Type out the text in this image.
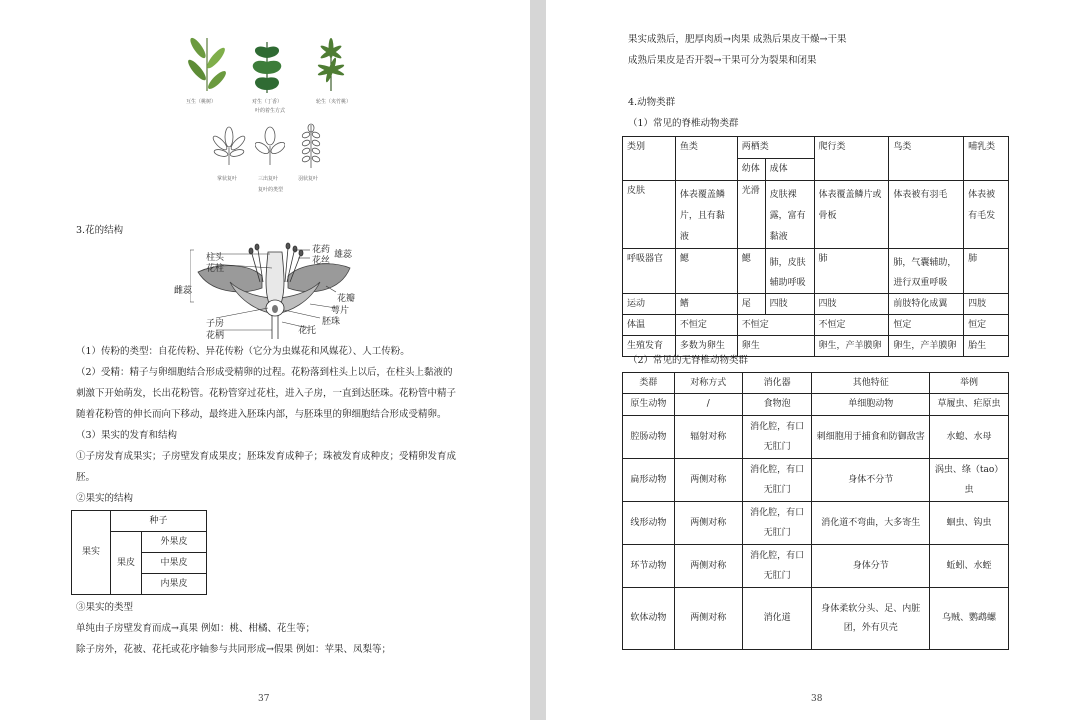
互生（桃树）	对生（丁香）	轮生（夹竹桃）
叶的着生方式
掌状复叶	三出复叶	羽状复叶
复叶的类型
3.花的结构
柱头
花柱
雌蕊
花药
花丝
雄蕊
花瓣
萼片
胚珠
花托
子房
花柄
（1）传粉的类型：自花传粉、异花传粉（它分为虫媒花和风媒花）、人工传粉。
（2）受精：精子与卵细胞结合形成受精卵的过程。花粉落到柱头上以后，在柱头上黏液的
刺激下开始萌发，长出花粉管。花粉管穿过花柱，进入子房，一直到达胚珠。花粉管中精子
随着花粉管的伸长而向下移动，最终进入胚珠内部，与胚珠里的卵细胞结合形成受精卵。
（3）果实的发育和结构
①子房发育成果实；子房壁发育成果皮；胚珠发育成种子；珠被发育成种皮；受精卵发育成
胚。
②果实的结构
果实	种子	
	果皮	外果皮
		中果皮
		内果皮
③果实的类型
单纯由子房壁发育而成→真果 例如：桃、柑橘、花生等；
除子房外，花被、花托或花序轴参与共同形成→假果 例如：苹果、凤梨等；
37
果实成熟后，肥厚肉质→肉果 成熟后果皮干燥→干果
成熟后果皮是否开裂→干果可分为裂果和闭果
4.动物类群
（1）常见的脊椎动物类群
类别	鱼类	两栖类		爬行类	鸟类	哺乳类
		幼体	成体			
皮肤	体表覆盖鳞片，且有黏液	光滑	皮肤裸露，富有黏液	体表覆盖鳞片或骨板	体表被有羽毛	体表被有毛发
呼吸器官	鳃	鳃	肺，皮肤辅助呼吸	肺	肺，气囊辅助，进行双重呼吸	肺
运动	鳍	尾	四肢	四肢	前肢特化成翼	四肢
体温	不恒定	不恒定		不恒定	恒定	恒定
生殖发育	多数为卵生	卵生		卵生，产羊膜卵	卵生，产羊膜卵	胎生
（2）常见的无脊椎动物类群
类群	对称方式	消化器	其他特征	举例
原生动物	/	食物泡	单细胞动物	草履虫、疟原虫
腔肠动物	辐射对称	消化腔，有口无肛门	刺细胞用于捕食和防御敌害	水螅、水母
扁形动物	两侧对称	消化腔，有口无肛门	身体不分节	涡虫、绦（tao）虫
线形动物	两侧对称	消化腔，有口无肛门	消化道不弯曲，大多寄生	蛔虫、钩虫
环节动物	两侧对称	消化腔，有口无肛门	身体分节	蚯蚓、水蛭
软体动物	两侧对称	消化道	身体柔软分头、足、内脏团，外有贝壳	乌贼、鹦鹉螺
38
